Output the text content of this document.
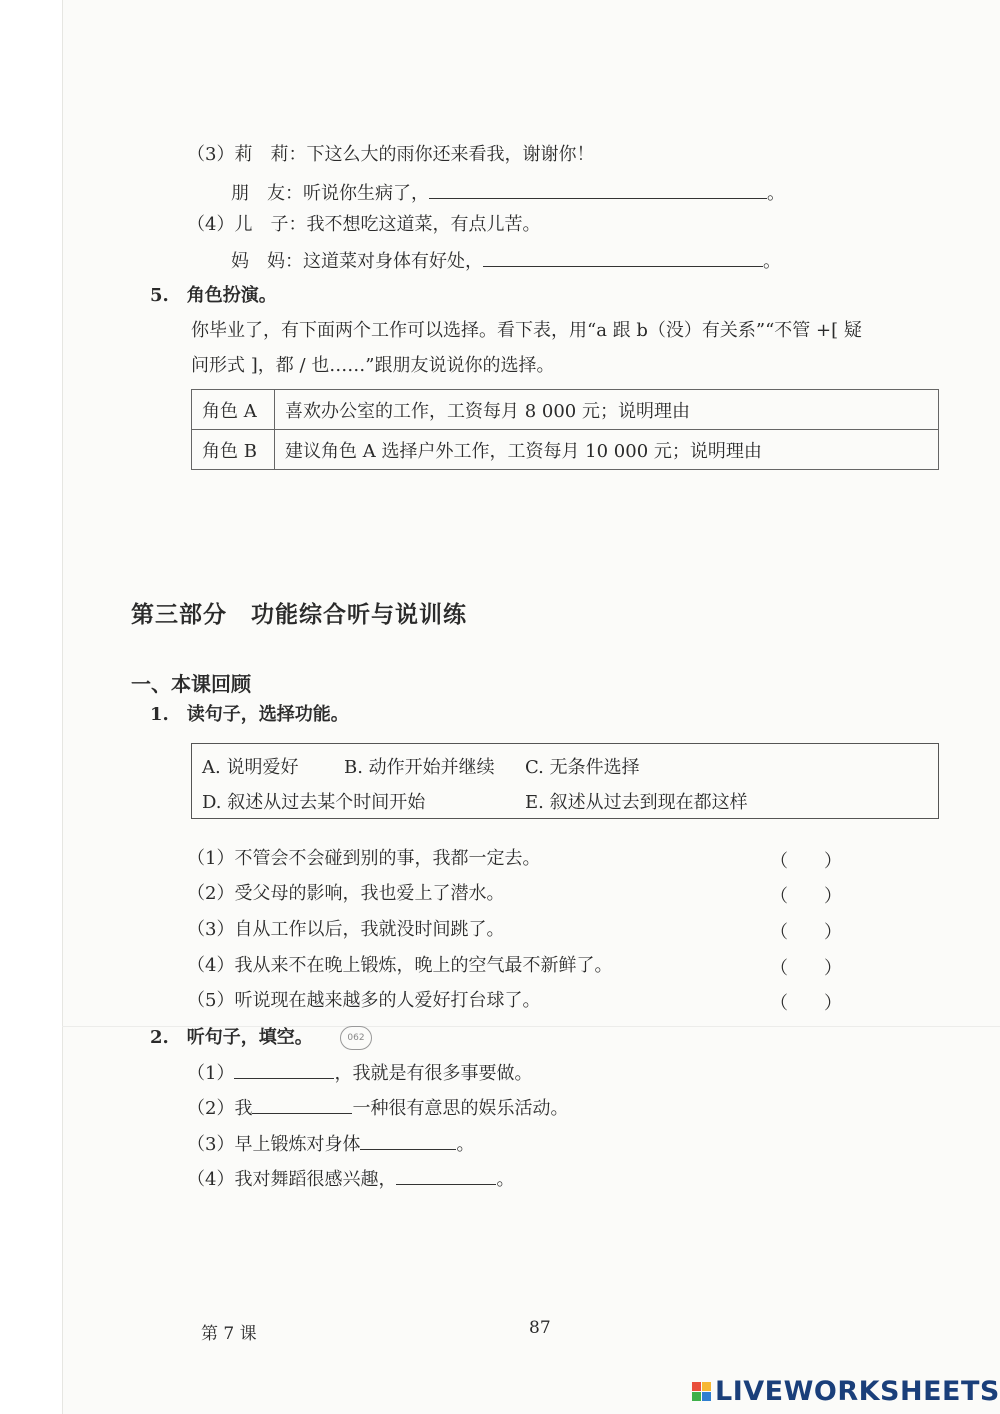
（3）莉　莉：下这么大的雨你还来看我，谢谢你！
朋　友：听说你生病了，	。
（4）儿　子：我不想吃这道菜，有点儿苦。
妈　妈：这道菜对身体有好处，	。
5.　角色扮演。
你毕业了，有下面两个工作可以选择。看下表，用“a 跟 b（没）有关系”“不管 +[ 疑
问形式 ]，都 / 也……”跟朋友说说你的选择。
角色 A	喜欢办公室的工作，工资每月 8 000 元；说明理由
角色 B	建议角色 A 选择户外工作，工资每月 10 000 元；说明理由
第三部分　功能综合听与说训练
一、本课回顾
1.　读句子，选择功能。
A. 说明爱好	B. 动作开始并继续 C. 无条件选择
D. 叙述从过去某个时间开始	E. 叙述从过去到现在都这样
（1）不管会不会碰到别的事，我都一定去。	（　　）
（2）受父母的影响，我也爱上了潜水。	（　　）
（3）自从工作以后，我就没时间跳了。	（　　）
（4）我从来不在晚上锻炼，晚上的空气最不新鲜了。	（　　）
（5）听说现在越来越多的人爱好打台球了。	（　　）
2.　听句子，填空。	062
（1）	，我就是有很多事要做。
（2）我	一种很有意思的娱乐活动。
（3）早上锻炼对身体	。
（4）我对舞蹈很感兴趣，	。
第 7 课	87
LIVEWORKSHEETS
